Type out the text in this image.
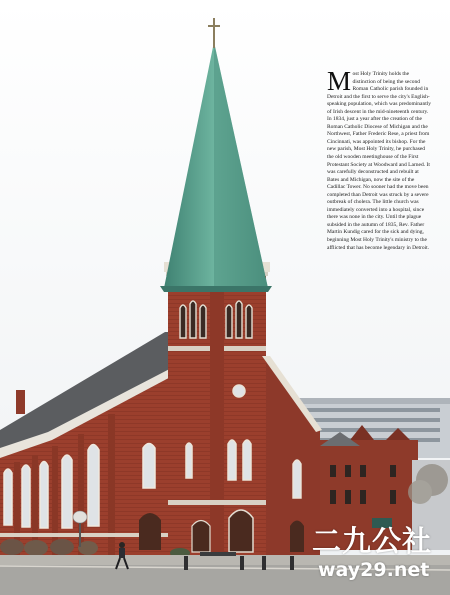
Most Holy Trinity holds the distinction of being the second Roman Catholic parish founded in Detroit and the first to serve the city's English-speaking population, which was predominantly of Irish descent in the mid-nineteenth century. In 1834, just a year after the creation of the Roman Catholic Diocese of Michigan and the Northwest, Father Frederic Rese, a priest from Cincinnati, was appointed its bishop. For the new parish, Most Holy Trinity, he purchased the old wooden meetinghouse of the First Protestant Society at Woodward and Larned. It was carefully deconstructed and rebuilt at Bates and Michigan, now the site of the Cadillac Tower. No sooner had the move been completed than Detroit was struck by a severe outbreak of cholera. The little church was immediately converted into a hospital, since there was none in the city. Until the plague subsided in the autumn of 1835, Rev. Father Martin Kundig cared for the sick and dying, beginning Most Holy Trinity's ministry to the afflicted that has become legendary in Detroit.
二九公社
way29.net
